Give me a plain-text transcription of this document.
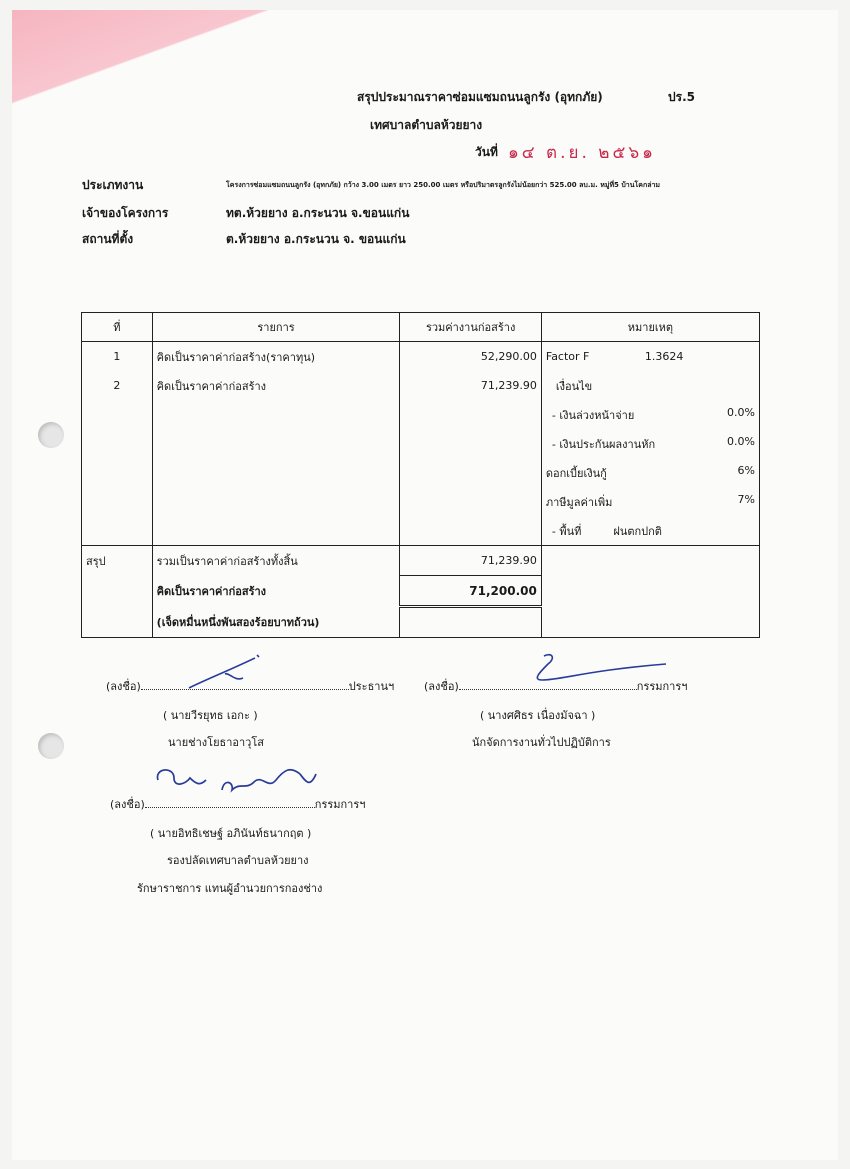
สรุปประมาณราคาซ่อมแซมถนนลูกรัง (อุทกภัย)	ปร.5
เทศบาลตำบลห้วยยาง
วันที่ ๑๔ ต.ย. ๒๕๖๑
ประเภทงาน	โครงการซ่อมแซมถนนลูกรัง (อุทกภัย) กว้าง 3.00 เมตร ยาว 250.00 เมตร หรือปริมาตรลูกรังไม่น้อยกว่า 525.00 ลบ.ม. หมู่ที่5 บ้านโคกล่าม
เจ้าของโครงการ	ทต.ห้วยยาง อ.กระนวน จ.ขอนแก่น
สถานที่ตั้ง	ต.ห้วยยาง อ.กระนวน จ. ขอนแก่น
ที่	รายการ	รวมค่างานก่อสร้าง	หมายเหตุ
1	คิดเป็นราคาค่าก่อสร้าง(ราคาทุน)	52,290.00	Factor F 1.3624
2	คิดเป็นราคาค่าก่อสร้าง	71,239.90	เงื่อนไข

			- เงินล่วงหน้าจ่าย 0.0%

			- เงินประกันผลงานหัก 0.0%

			ดอกเบี้ยเงินกู้ 6%

			ภาษีมูลค่าเพิ่ม 7%

			- พื้นที่ ฝนตกปกติ
สรุป	รวมเป็นราคาค่าก่อสร้างทั้งสิ้น	71,239.90	
	คิดเป็นราคาค่าก่อสร้าง	71,200.00	
	(เจ็ดหมื่นหนึ่งพันสองร้อยบาทถ้วน)		
(ลงชื่อ)	ประธานฯ
( นายวีรยุทธ เอกะ )
นายช่างโยธาอาวุโส
(ลงชื่อ)	กรรมการฯ
( นางศศิธร เนื่องมัจฉา )
นักจัดการงานทั่วไปปฏิบัติการ
(ลงชื่อ)	กรรมการฯ
( นายอิทธิเชษฐ์ อภินันท์ธนากฤต )
รองปลัดเทศบาลตำบลห้วยยาง
รักษาราชการ แทนผู้อำนวยการกองช่าง
